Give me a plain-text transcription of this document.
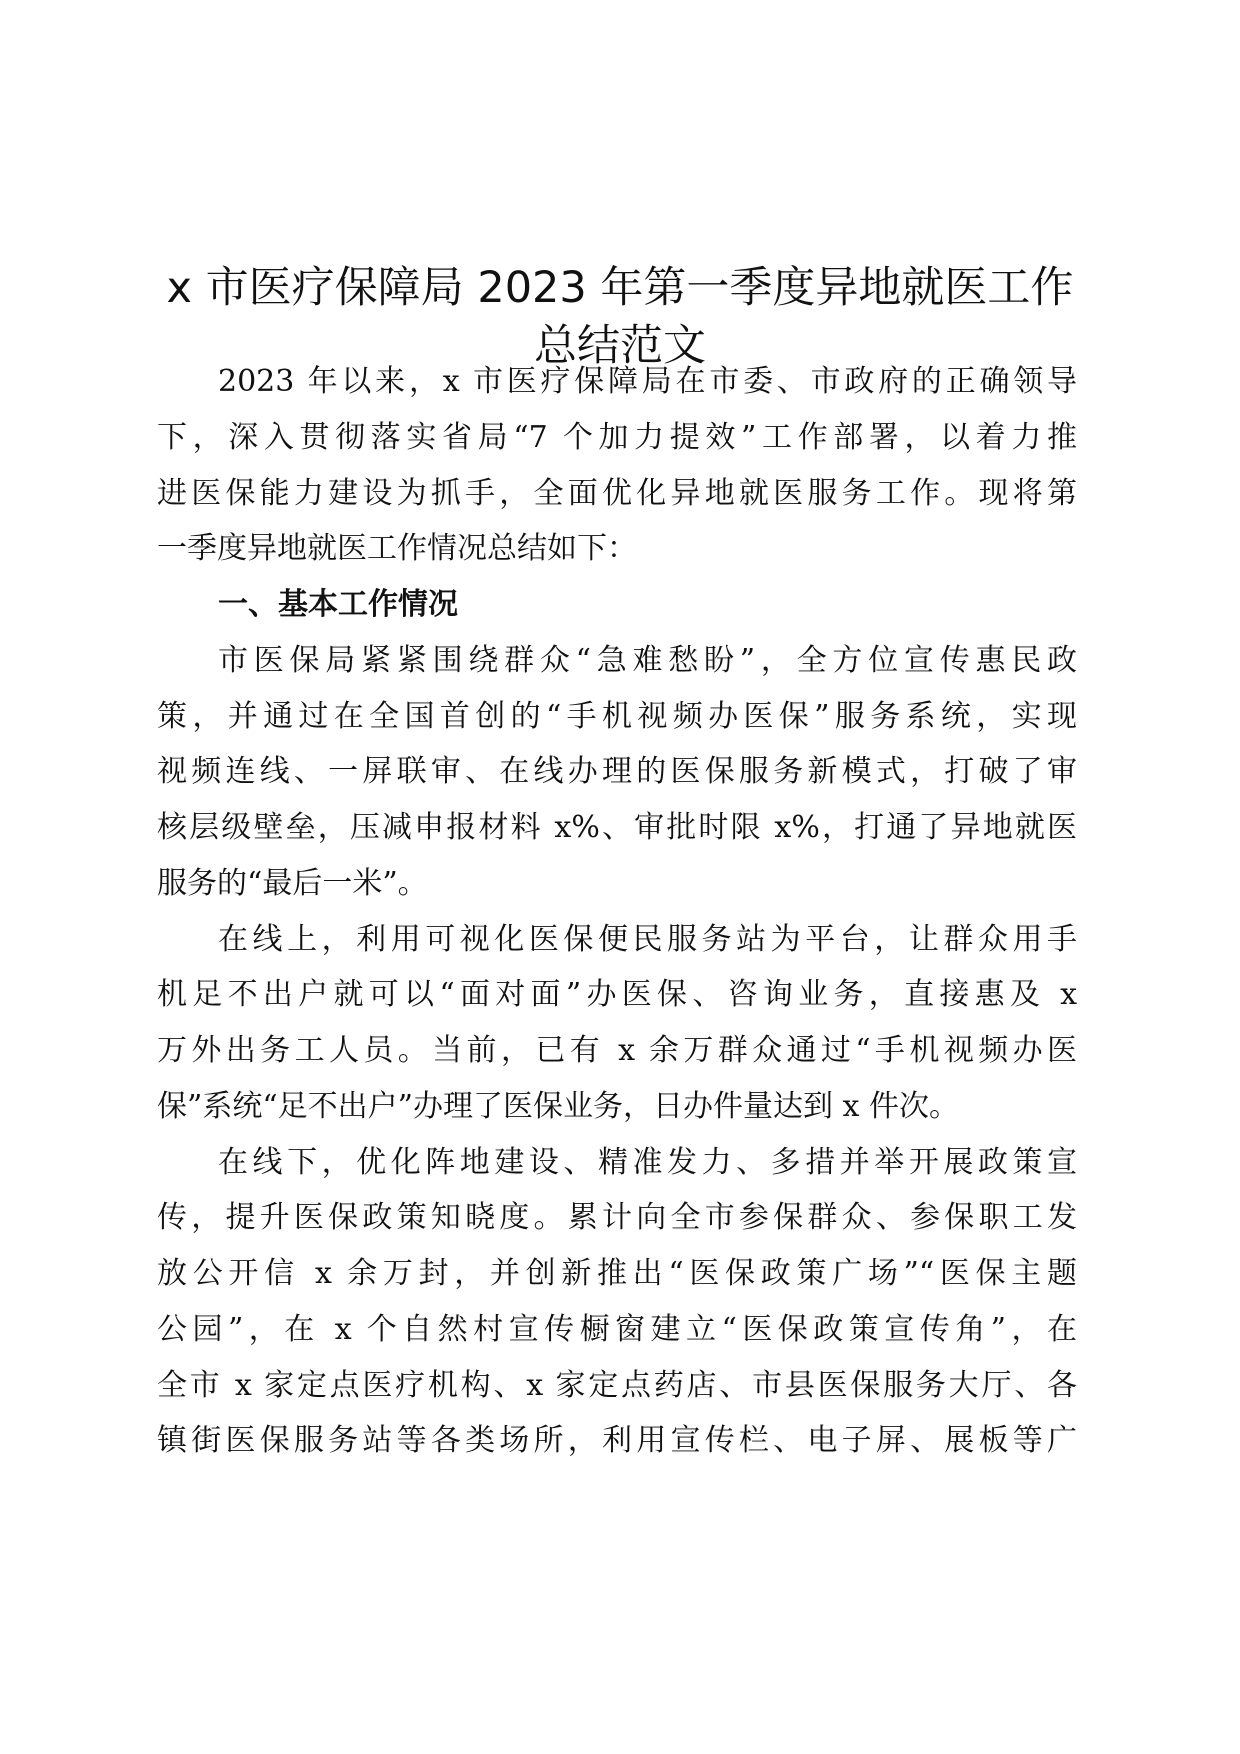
x 市医疗保障局 2023 年第一季度异地就医工作
总结范文
2023 年以来，x 市医疗保障局在市委、市政府的正确领导
下，深入贯彻落实省局“7 个加力提效”工作部署，以着力推
进医保能力建设为抓手，全面优化异地就医服务工作。现将第
一季度异地就医工作情况总结如下：
一、基本工作情况
市医保局紧紧围绕群众“急难愁盼”，全方位宣传惠民政
策，并通过在全国首创的“手机视频办医保”服务系统，实现
视频连线、一屏联审、在线办理的医保服务新模式，打破了审
核层级壁垒，压减申报材料 x%、审批时限 x%，打通了异地就医
服务的“最后一米”。
在线上，利用可视化医保便民服务站为平台，让群众用手
机足不出户就可以“面对面”办医保、咨询业务，直接惠及 x
万外出务工人员。当前，已有 x 余万群众通过“手机视频办医
保”系统“足不出户”办理了医保业务，日办件量达到 x 件次。
在线下，优化阵地建设、精准发力、多措并举开展政策宣
传，提升医保政策知晓度。累计向全市参保群众、参保职工发
放公开信 x 余万封，并创新推出“医保政策广场”“医保主题
公园”，在 x 个自然村宣传橱窗建立“医保政策宣传角”，在
全市 x 家定点医疗机构、x 家定点药店、市县医保服务大厅、各
镇街医保服务站等各类场所，利用宣传栏、电子屏、展板等广
